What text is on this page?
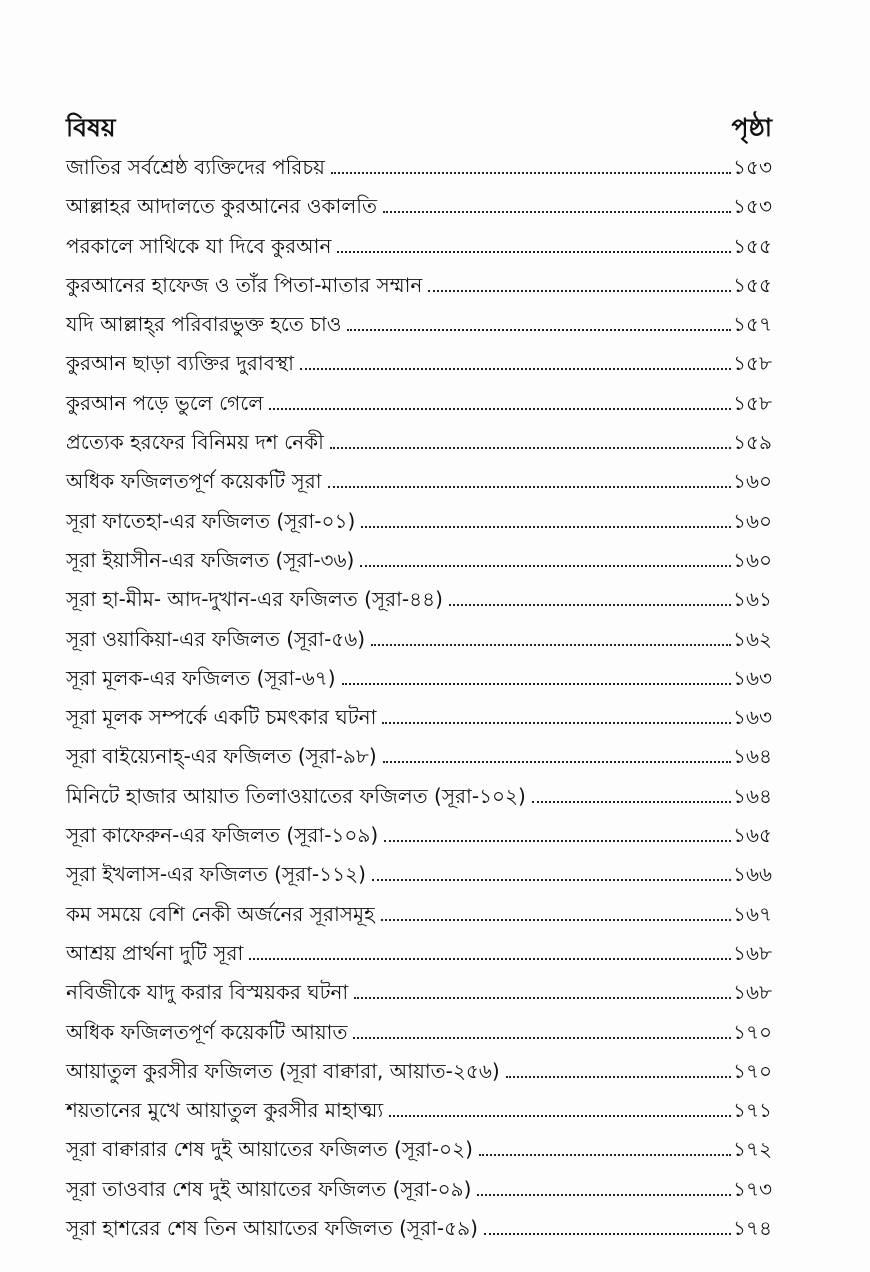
বিষয়	পৃষ্ঠা
জাতির সর্বশ্রেষ্ঠ ব্যক্তিদের পরিচয়	১৫৩
আল্লাহর আদালতে কুরআনের ওকালতি	১৫৩
পরকালে সাথিকে যা দিবে কুরআন	১৫৫
কুরআনের হাফেজ ও তাঁর পিতা-মাতার সম্মান	১৫৫
যদি আল্লাহ্‌র পরিবারভুক্ত হতে চাও	১৫৭
কুরআন ছাড়া ব্যক্তির দুরাবস্থা	১৫৮
কুরআন পড়ে ভুলে গেলে	১৫৮
প্রত্যেক হরফের বিনিময় দশ নেকী	১৫৯
অধিক ফজিলতপূর্ণ কয়েকটি সূরা	১৬০
সূরা ফাতেহা-এর ফজিলত (সূরা-০১)	১৬০
সূরা ইয়াসীন-এর ফজিলত (সূরা-৩৬)	১৬০
সূরা হা-মীম- আদ-দুখান-এর ফজিলত (সূরা-৪৪)	১৬১
সূরা ওয়াকিয়া-এর ফজিলত (সূরা-৫৬)	১৬২
সূরা মূলক-এর ফজিলত (সূরা-৬৭)	১৬৩
সূরা মূলক সম্পর্কে একটি চমৎকার ঘটনা	১৬৩
সূরা বাইয়্যেনাহ্-এর ফজিলত (সূরা-৯৮)	১৬৪
মিনিটে হাজার আয়াত তিলাওয়াতের ফজিলত (সূরা-১০২)	১৬৪
সূরা কাফেরুন-এর ফজিলত (সূরা-১০৯)	১৬৫
সূরা ইখলাস-এর ফজিলত (সূরা-১১২)	১৬৬
কম সময়ে বেশি নেকী অর্জনের সূরাসমূহ	১৬৭
আশ্রয় প্রার্থনা দুটি সূরা	১৬৮
নবিজীকে যাদু করার বিস্ময়কর ঘটনা	১৬৮
অধিক ফজিলতপূর্ণ কয়েকটি আয়াত	১৭০
আয়াতুল কুরসীর ফজিলত (সূরা বাক্বারা, আয়াত-২৫৬)	১৭০
শয়তানের মুখে আয়াতুল কুরসীর মাহাত্ম্য	১৭১
সূরা বাক্বারার শেষ দুই আয়াতের ফজিলত (সূরা-০২)	১৭২
সূরা তাওবার শেষ দুই আয়াতের ফজিলত (সূরা-০৯)	১৭৩
সূরা হাশরের শেষ তিন আয়াতের ফজিলত (সূরা-৫৯)	১৭৪
